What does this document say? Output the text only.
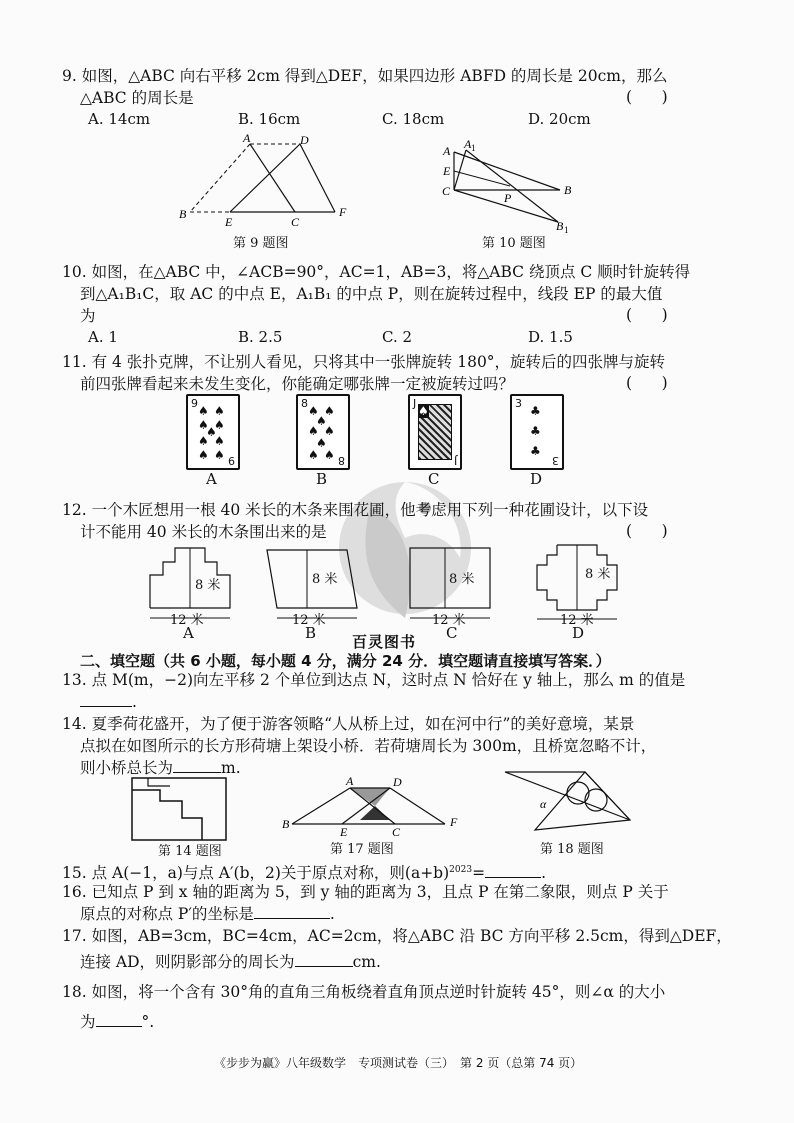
9. 如图，△ABC 向右平移 2cm 得到△DEF，如果四边形 ABFD 的周长是 20cm，那么
△ABC 的周长是	(      )
A. 14cm	B. 16cm	C. 18cm	D. 20cm
A	D
B
E	C
F
第 9 题图
A A 1
E
C	B
P
B 1
第 10 题图
10. 如图，在△ABC 中，∠ACB=90°，AC=1，AB=3，将△ABC 绕顶点 C 顺时针旋转得
到△A₁B₁C，取 AC 的中点 E，A₁B₁ 的中点 P，则在旋转过程中，线段 EP 的最大值
为	(      )
A. 1	B. 2.5	C. 2	D. 1.5
11. 有 4 张扑克牌，不让别人看见，只将其中一张牌旋转 180°，旋转后的四张牌与旋转
前四张牌看起来未发生变化，你能确定哪张牌一定被旋转过吗？	(      )
9
♠ ♠
♠ ♠
♠
♠ ♠
♠ ♠ 9
8
♠ ♠
♠
♠ ♠
♠
♠ ♠ 8
J
♠
J
3
♣
♣
♣
3
A	B	C	D
12. 一个木匠想用一根 40 米长的木条来围花圃，他考虑用下列一种花圃设计，以下设
计不能用 40 米长的木条围出来的是	(      )
8 米
12 米
8 米
12 米
8 米
12 米
8 米
12 米
A	B	C	D
百灵图书
二、填空题（共 6 小题，每小题 4 分，满分 24 分．填空题请直接填写答案．）
13. 点 M(m，−2)向左平移 2 个单位到达点 N，这时点 N 恰好在 y 轴上，那么 m 的值是
.
14. 夏季荷花盛开，为了便于游客领略“人从桥上过，如在河中行”的美好意境，某景
点拟在如图所示的长方形荷塘上架设小桥．若荷塘周长为 300m，且桥宽忽略不计，
则小桥总长为	m.
第 14 题图
A	D
B
E	C
F
第 17 题图
α
第 18 题图
15. 点 A(−1，a)与点 A′(b，2)关于原点对称，则$(a+b)^{2023}=$	.
16. 已知点 P 到 x 轴的距离为 5，到 y 轴的距离为 3，且点 P 在第二象限，则点 P 关于
原点的对称点 P′的坐标是	.
17. 如图，AB=3cm，BC=4cm，AC=2cm，将△ABC 沿 BC 方向平移 2.5cm，得到△DEF，
连接 AD，则阴影部分的周长为	cm.
18. 如图，将一个含有 30°角的直角三角板绕着直角顶点逆时针旋转 45°，则∠α 的大小
为	°.
《步步为赢》八年级数学　专项测试卷（三）　第 2 页（总第 74 页）
